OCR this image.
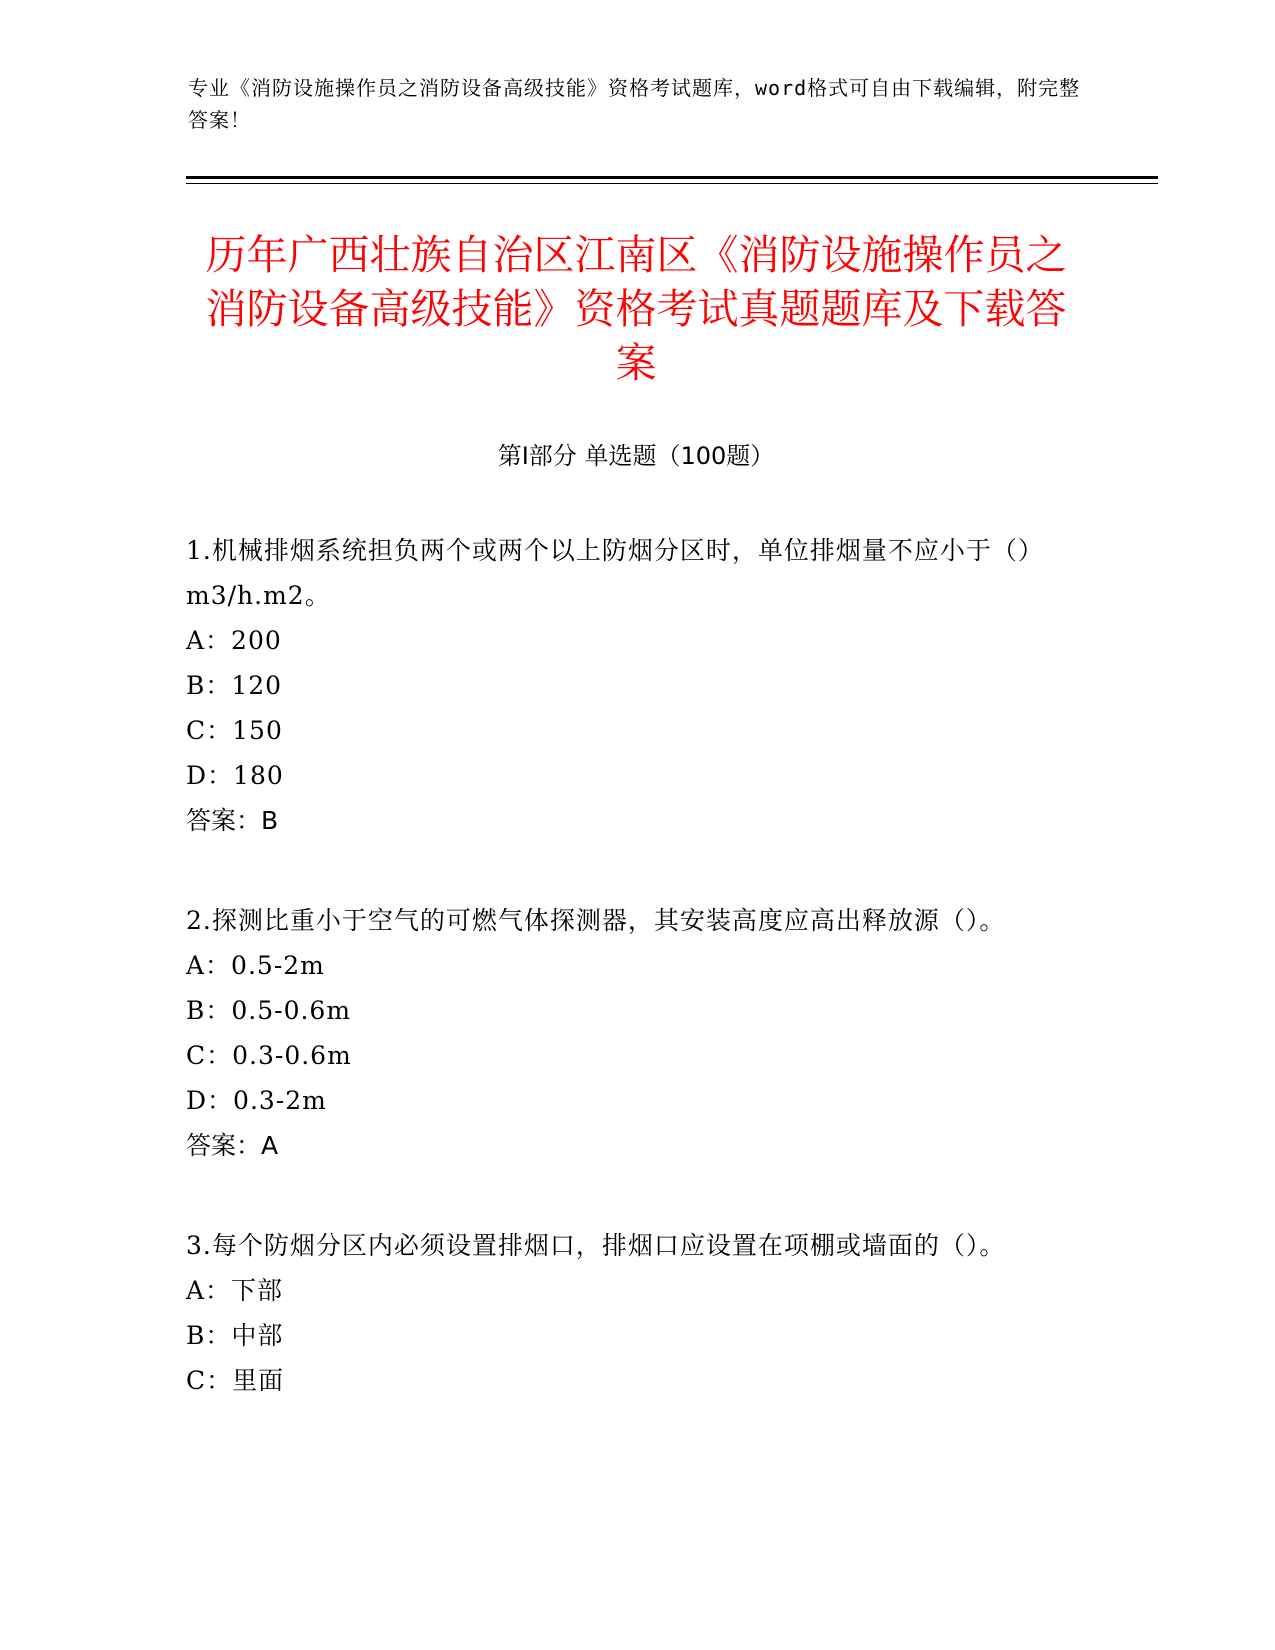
专业《消防设施操作员之消防设备高级技能》资格考试题库，word格式可自由下载编辑，附完整答案！
历年广西壮族自治区江南区《消防设施操作员之消防设备高级技能》资格考试真题题库及下载答案
第Ⅰ部分 单选题（100题）
1.机械排烟系统担负两个或两个以上防烟分区时，单位排烟量不应小于（）m3/h.m2。
A：200
B：120
C：150
D：180
答案：B
2.探测比重小于空气的可燃气体探测器，其安装高度应高出释放源（）。
A：0.5-2m
B：0.5-0.6m
C：0.3-0.6m
D：0.3-2m
答案：A
3.每个防烟分区内必须设置排烟口，排烟口应设置在项棚或墙面的（）。
A：下部
B：中部
C：里面
